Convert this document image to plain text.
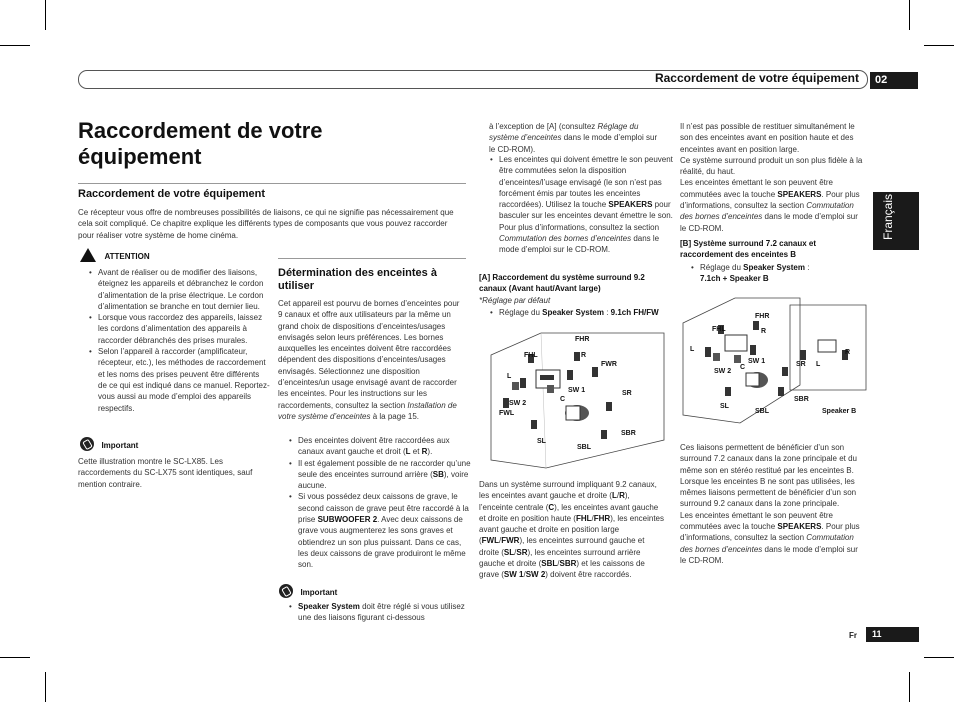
Raccordement de votre équipement	02
Français
Raccordement de votre équipement
Raccordement de votre équipement
Ce récepteur vous offre de nombreuses possibilités de liaisons, ce qui ne signifie pas nécessairement que cela soit compliqué. Ce chapitre explique les différents types de composants que vous pouvez raccorder pour réaliser votre système de home cinéma.
ATTENTION
• Avant de réaliser ou de modifier des liaisons, éteignez les appareils et débranchez le cordon d’alimentation de la prise électrique. Le cordon d’alimentation se branche en tout dernier lieu.
• Lorsque vous raccordez des appareils, laissez les cordons d’alimentation des appareils à raccorder débranchés des prises murales.
• Selon l’appareil à raccorder (amplificateur, récepteur, etc.), les méthodes de raccordement et les noms des prises peuvent être différents de ce qui est indiqué dans ce manuel. Reportez-vous aussi au mode d’emploi des appareils respectifs.
Important
Cette illustration montre le SC-LX85. Les raccordements du SC-LX75 sont identiques, sauf mention contraire.
Détermination des enceintes à utiliser
Cet appareil est pourvu de bornes d’enceintes pour 9 canaux et offre aux utilisateurs par la même un grand choix de dispositions d’enceintes/usages envisagés selon leurs préférences. Les bornes auxquelles les enceintes doivent être raccordées dépendent des dispositions d’enceintes/usages envisagés. Sélectionnez une disposition d’enceintes/un usage envisagé avant de raccorder les enceintes. Pour les instructions sur les raccordements, consultez la section Installation de votre système d’enceintes à la page 15.
• Des enceintes doivent être raccordées aux canaux avant gauche et droit (L et R).
• Il est également possible de ne raccorder qu’une seule des enceintes surround arrière (SB), voire aucune.
• Si vous possédez deux caissons de grave, le second caisson de grave peut être raccordé à la prise SUBWOOFER 2. Avec deux caissons de grave vous augmenterez les sons graves et obtiendrez un son plus puissant. Dans ce cas, les deux caissons de grave produiront le même son.
Important
• Speaker System doit être réglé si vous utilisez une des liaisons figurant ci-dessous
à l’exception de [A] (consultez Réglage du système d’enceintes dans le mode d’emploi sur le CD-ROM).
• Les enceintes qui doivent émettre le son peuvent être commutées selon la disposition d’enceintes/l’usage envisagé (le son n’est pas forcément émis par toutes les enceintes raccordées). Utilisez la touche SPEAKERS pour basculer sur les enceintes devant émettre le son. Pour plus d’informations, consultez la section Commutation des bornes d’enceintes dans le mode d’emploi sur le CD-ROM.
[A] Raccordement du système surround 9.2 canaux (Avant haut/Avant large)
*Réglage par défaut
• Réglage du Speaker System : 9.1ch FH/FW
FHL
FHR
FWR
L
R
C
SW 1
SW 2
FWL
SR
SL
SBL
SBR
Dans un système surround impliquant 9.2 canaux, les enceintes avant gauche et droite (L/R), l’enceinte centrale (C), les enceintes avant gauche et droite en position haute (FHL/FHR), les enceintes avant gauche et droite en position large (FWL/FWR), les enceintes surround gauche et droite (SL/SR), les enceintes surround arrière gauche et droite (SBL/SBR) et les caissons de grave (SW 1/SW 2) doivent être raccordés.
Il n’est pas possible de restituer simultanément le son des enceintes avant en position haute et des enceintes avant en position large.
Ce système surround produit un son plus fidèle à la réalité, du haut.
Les enceintes émettant le son peuvent être commutées avec la touche SPEAKERS. Pour plus d’informations, consultez la section Commutation des bornes d’enceintes dans le mode d’emploi sur le CD-ROM.
[B] Système surround 7.2 canaux et raccordement des enceintes B
• Réglage du Speaker System :
7.1ch + Speaker B
FHL
FHR
L
R
C
SW 1
SW 2
SR
SL
SBL
SBR
L
R
Speaker B
Ces liaisons permettent de bénéficier d’un son surround 7.2 canaux dans la zone principale et du même son en stéréo restitué par les enceintes B. Lorsque les enceintes B ne sont pas utilisées, les mêmes liaisons permettent de bénéficier d’un son surround 9.2 canaux dans la zone principale.
Les enceintes émettant le son peuvent être commutées avec la touche SPEAKERS. Pour plus d’informations, consultez la section Commutation des bornes d’enceintes dans le mode d’emploi sur le CD-ROM.
Fr	11
